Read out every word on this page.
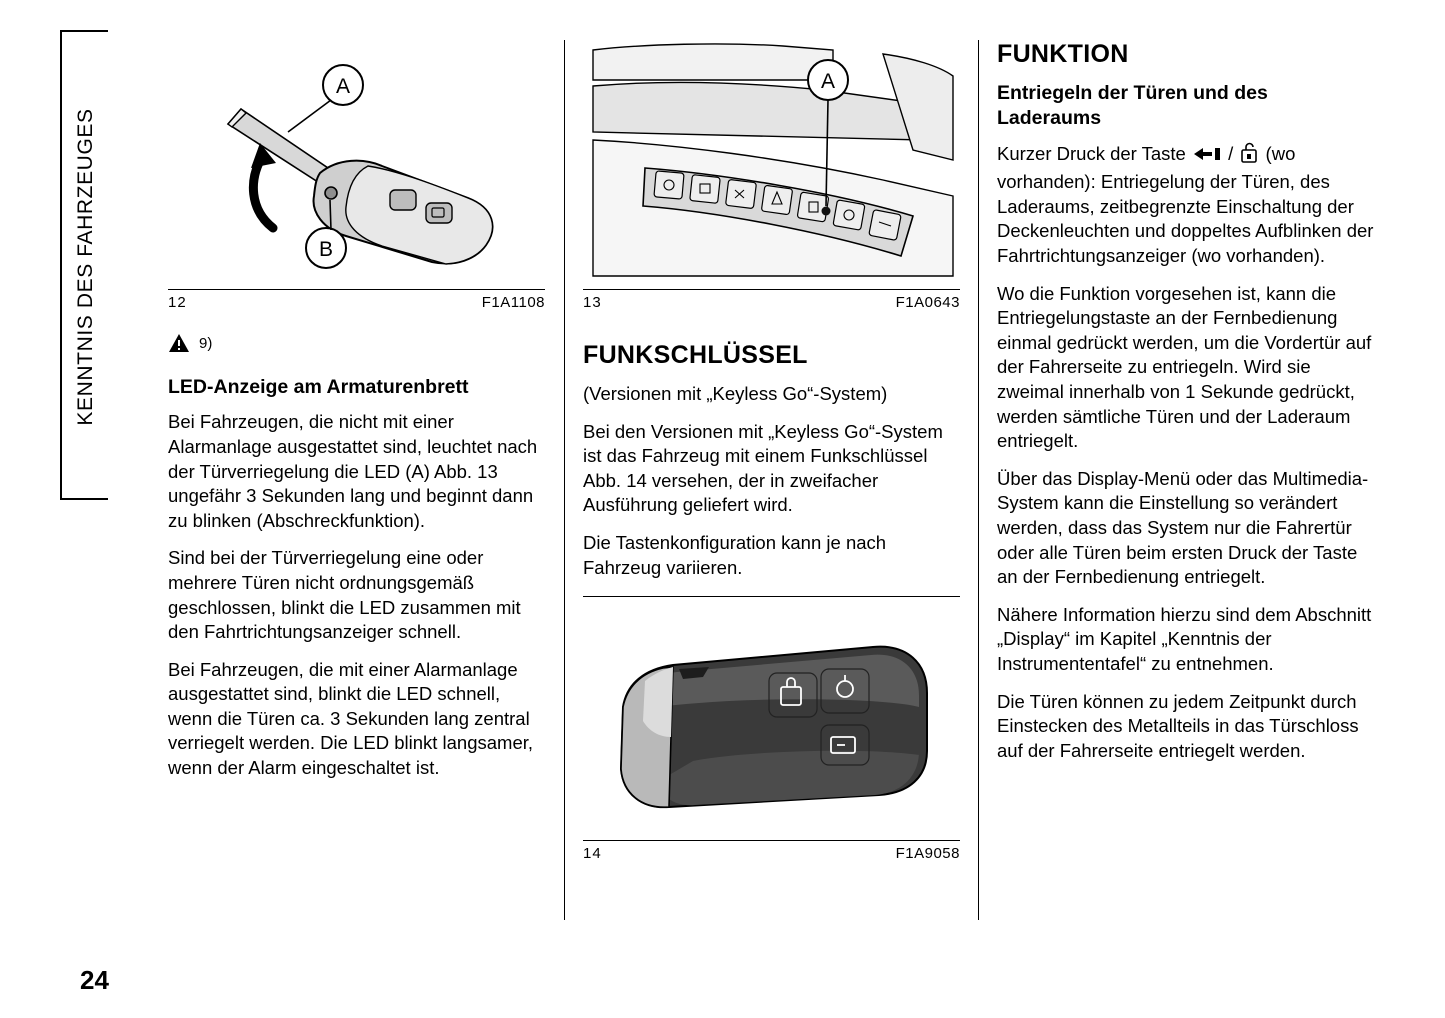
KENNTNIS DES FAHRZEUGES
A
B
12	F1A1108
9)
LED-Anzeige am Armaturenbrett

Bei Fahrzeugen, die nicht mit einer Alarmanlage ausgestattet sind, leuchtet nach der Türverriegelung die LED (A) Abb. 13 ungefähr 3 Sekunden lang und beginnt dann zu blinken (Abschreckfunktion).

Sind bei der Türverriegelung eine oder mehrere Türen nicht ordnungsgemäß geschlossen, blinkt die LED zusammen mit den Fahrtrichtungsanzeiger schnell.

Bei Fahrzeugen, die mit einer Alarmanlage ausgestattet sind, blinkt die LED schnell, wenn die Türen ca. 3 Sekunden lang zentral verriegelt werden. Die LED blinkt langsamer, wenn der Alarm eingeschaltet ist.

A
13	F1A0643
FUNKSCHLÜSSEL

(Versionen mit „Keyless Go“-System)

Bei den Versionen mit „Keyless Go“-System ist das Fahrzeug mit einem Funkschlüssel Abb. 14 versehen, der in zweifacher Ausführung geliefert wird.

Die Tastenkonfiguration kann je nach Fahrzeug variieren.

14	F1A9058
FUNKTION
Entriegeln der Türen und des Laderaums

Kurzer Druck der Taste / (wo vorhanden): Entriegelung der Türen, des Laderaums, zeitbegrenzte Einschaltung der Deckenleuchten und doppeltes Aufblinken der Fahrtrichtungsanzeiger (wo vorhanden).

Wo die Funktion vorgesehen ist, kann die Entriegelungstaste an der Fernbedienung einmal gedrückt werden, um die Vordertür auf der Fahrerseite zu entriegeln. Wird sie zweimal innerhalb von 1 Sekunde gedrückt, werden sämtliche Türen und der Laderaum entriegelt.

Über das Display-Menü oder das Multimedia-System kann die Einstellung so verändert werden, dass das System nur die Fahrertür oder alle Türen beim ersten Druck der Taste an der Fernbedienung entriegelt.

Nähere Information hierzu sind dem Abschnitt „Display“ im Kapitel „Kenntnis der Instrumententafel“ zu entnehmen.

Die Türen können zu jedem Zeitpunkt durch Einstecken des Metallteils in das Türschloss auf der Fahrerseite entriegelt werden.

24
